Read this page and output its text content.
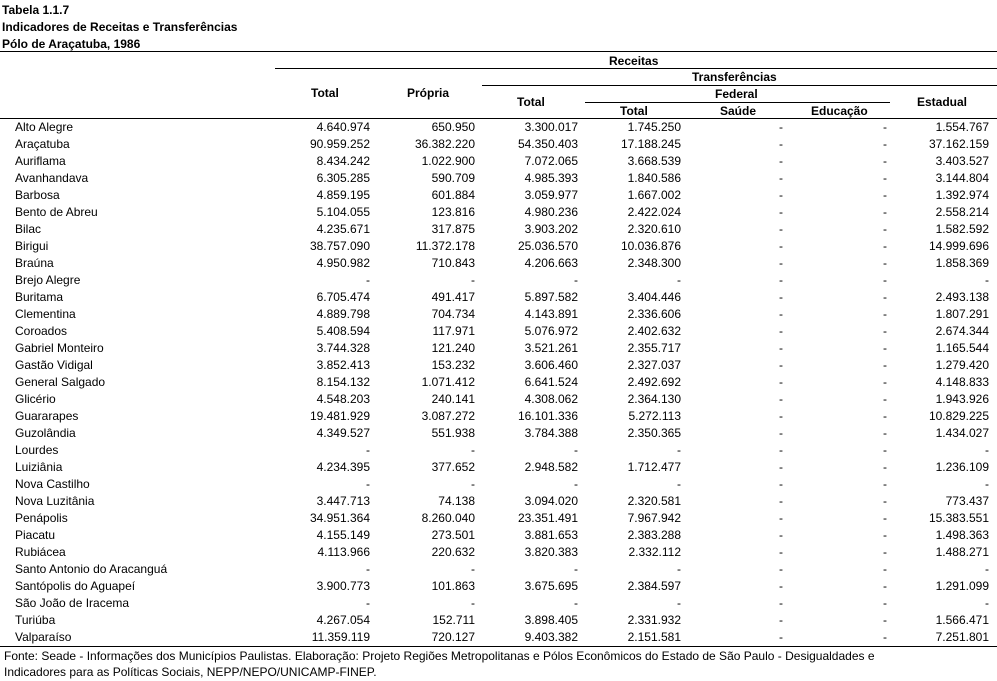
Tabela 1.1.7
Indicadores de Receitas e Transferências
Pólo de Araçatuba, 1986
Receitas
Transferências
Federal
Total	Própria
Total
Total	Saúde	Educação
Estadual
Alto Alegre	4.640.974	650.950	3.300.017	1.745.250	-	-	1.554.767
Araçatuba	90.959.252	36.382.220	54.350.403	17.188.245	-	-	37.162.159
Auriflama	8.434.242	1.022.900	7.072.065	3.668.539	-	-	3.403.527
Avanhandava	6.305.285	590.709	4.985.393	1.840.586	-	-	3.144.804
Barbosa	4.859.195	601.884	3.059.977	1.667.002	-	-	1.392.974
Bento de Abreu	5.104.055	123.816	4.980.236	2.422.024	-	-	2.558.214
Bilac	4.235.671	317.875	3.903.202	2.320.610	-	-	1.582.592
Birigui	38.757.090	11.372.178	25.036.570	10.036.876	-	-	14.999.696
Braúna	4.950.982	710.843	4.206.663	2.348.300	-	-	1.858.369
Brejo Alegre	-	-	-	-	-	-	-
Buritama	6.705.474	491.417	5.897.582	3.404.446	-	-	2.493.138
Clementina	4.889.798	704.734	4.143.891	2.336.606	-	-	1.807.291
Coroados	5.408.594	117.971	5.076.972	2.402.632	-	-	2.674.344
Gabriel Monteiro	3.744.328	121.240	3.521.261	2.355.717	-	-	1.165.544
Gastão Vidigal	3.852.413	153.232	3.606.460	2.327.037	-	-	1.279.420
General Salgado	8.154.132	1.071.412	6.641.524	2.492.692	-	-	4.148.833
Glicério	4.548.203	240.141	4.308.062	2.364.130	-	-	1.943.926
Guararapes	19.481.929	3.087.272	16.101.336	5.272.113	-	-	10.829.225
Guzolândia	4.349.527	551.938	3.784.388	2.350.365	-	-	1.434.027
Lourdes	-	-	-	-	-	-	-
Luiziânia	4.234.395	377.652	2.948.582	1.712.477	-	-	1.236.109
Nova Castilho	-	-	-	-	-	-	-
Nova Luzitânia	3.447.713	74.138	3.094.020	2.320.581	-	-	773.437
Penápolis	34.951.364	8.260.040	23.351.491	7.967.942	-	-	15.383.551
Piacatu	4.155.149	273.501	3.881.653	2.383.288	-	-	1.498.363
Rubiácea	4.113.966	220.632	3.820.383	2.332.112	-	-	1.488.271
Santo Antonio do Aracanguá	-	-	-	-	-	-	-
Santópolis do Aguapeí	3.900.773	101.863	3.675.695	2.384.597	-	-	1.291.099
São João de Iracema	-	-	-	-	-	-	-
Turiúba	4.267.054	152.711	3.898.405	2.331.932	-	-	1.566.471
Valparaíso	11.359.119	720.127	9.403.382	2.151.581	-	-	7.251.801
Fonte: Seade - Informações dos Municípios Paulistas. Elaboração: Projeto Regiões Metropolitanas e Pólos Econômicos do Estado de São Paulo - Desigualdades e
Indicadores para as Políticas Sociais, NEPP/NEPO/UNICAMP-FINEP.
